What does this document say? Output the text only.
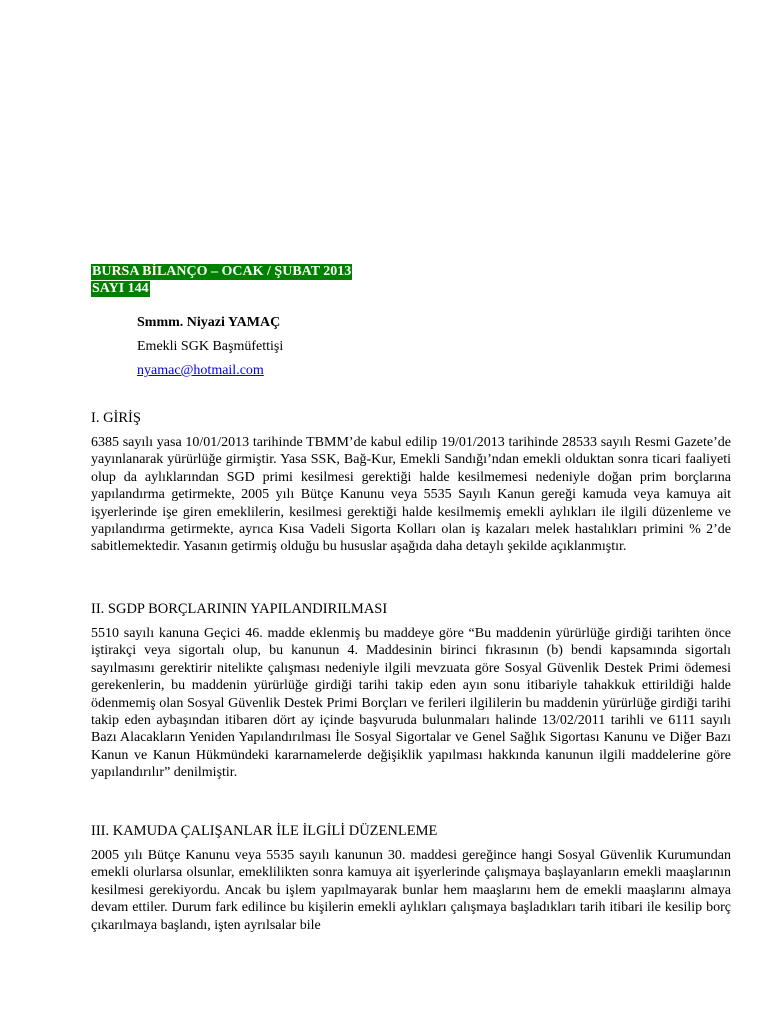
BURSA BİLANÇO – OCAK / ŞUBAT 2013
SAYI 144
Smmm. Niyazi YAMAÇ
Emekli SGK Başmüfettişi
nyamac@hotmail.com
I. GİRİŞ
6385 sayılı yasa 10/01/2013 tarihinde TBMM’de kabul edilip 19/01/2013 tarihinde 28533 sayılı Resmi Gazete’de yayınlanarak yürürlüğe girmiştir. Yasa SSK, Bağ-Kur, Emekli Sandığı’ndan emekli olduktan sonra ticari faaliyeti olup da aylıklarından SGD primi kesilmesi gerektiği halde kesilmemesi nedeniyle doğan prim borçlarına yapılandırma getirmekte, 2005 yılı Bütçe Kanunu veya 5535 Sayılı Kanun gereği kamuda veya kamuya ait işyerlerinde işe giren emeklilerin, kesilmesi gerektiği halde kesilmemiş emekli aylıkları ile ilgili düzenleme ve yapılandırma getirmekte, ayrıca Kısa Vadeli Sigorta Kolları olan iş kazaları melek hastalıkları primini % 2’de sabitlemektedir. Yasanın getirmiş olduğu bu hususlar aşağıda daha detaylı şekilde açıklanmıştır.
II. SGDP BORÇLARININ YAPILANDIRILMASI
5510 sayılı kanuna Geçici 46. madde eklenmiş bu maddeye göre “Bu maddenin yürürlüğe girdiği tarihten önce iştirakçi veya sigortalı olup, bu kanunun 4. Maddesinin birinci fıkrasının (b) bendi kapsamında sigortalı sayılmasını gerektirir nitelikte çalışması nedeniyle ilgili mevzuata göre Sosyal Güvenlik Destek Primi ödemesi gerekenlerin, bu maddenin yürürlüğe girdiği tarihi takip eden ayın sonu itibariyle tahakkuk ettirildiği halde ödenmemiş olan Sosyal Güvenlik Destek Primi Borçları ve ferileri ilgililerin bu maddenin yürürlüğe girdiği tarihi takip eden aybaşından itibaren dört ay içinde başvuruda bulunmaları halinde 13/02/2011 tarihli ve 6111 sayılı Bazı Alacakların Yeniden Yapılandırılması İle Sosyal Sigortalar ve Genel Sağlık Sigortası Kanunu ve Diğer Bazı Kanun ve Kanun Hükmündeki kararnamelerde değişiklik yapılması hakkında kanunun ilgili maddelerine göre yapılandırılır” denilmiştir.
III. KAMUDA ÇALIŞANLAR İLE İLGİLİ DÜZENLEME
2005 yılı Bütçe Kanunu veya 5535 sayılı kanunun 30. maddesi gereğince hangi Sosyal Güvenlik Kurumundan emekli olurlarsa olsunlar, emeklilikten sonra kamuya ait işyerlerinde çalışmaya başlayanların emekli maaşlarının kesilmesi gerekiyordu. Ancak bu işlem yapılmayarak bunlar hem maaşlarını hem de emekli maaşlarını almaya devam ettiler. Durum fark edilince bu kişilerin emekli aylıkları çalışmaya başladıkları tarih itibari ile kesilip borç çıkarılmaya başlandı, işten ayrılsalar bile
